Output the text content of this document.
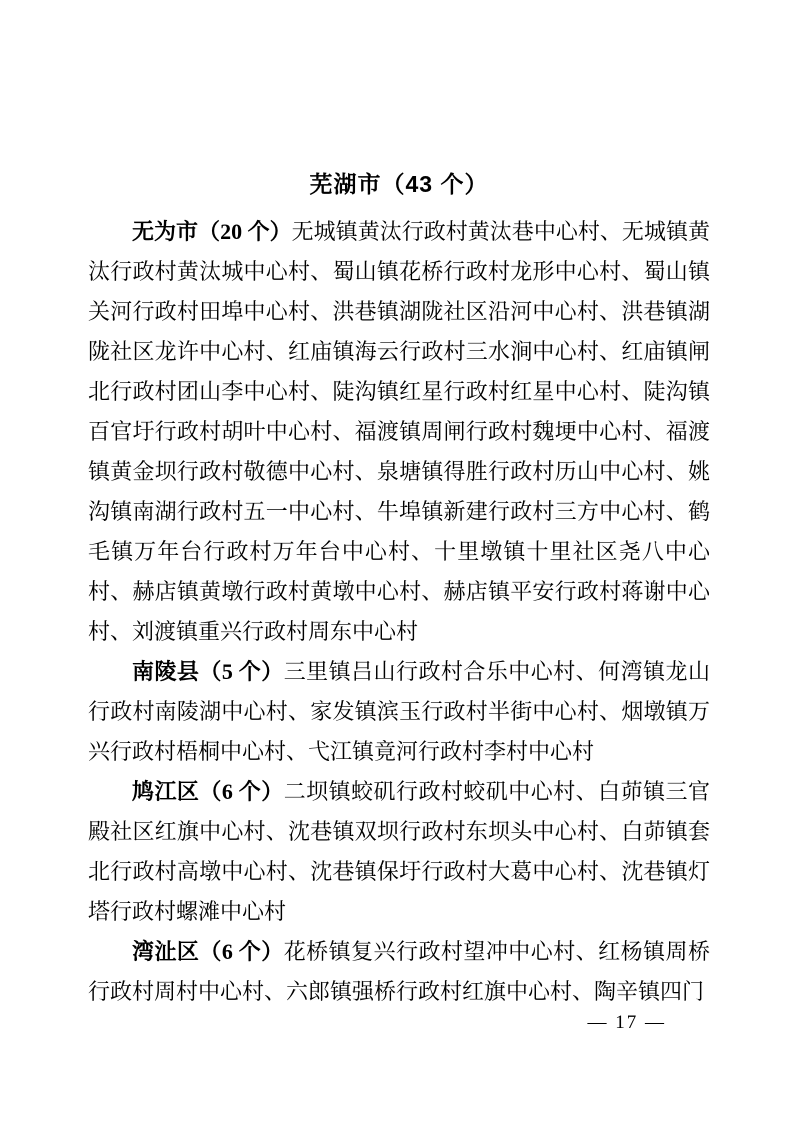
芜湖市（43 个）

无为市（20 个）无城镇黄汰行政村黄汰巷中心村、无城镇黄汰行政村黄汰城中心村、蜀山镇花桥行政村龙形中心村、蜀山镇关河行政村田埠中心村、洪巷镇湖陇社区沿河中心村、洪巷镇湖陇社区龙许中心村、红庙镇海云行政村三水涧中心村、红庙镇闸北行政村团山李中心村、陡沟镇红星行政村红星中心村、陡沟镇百官圩行政村胡叶中心村、福渡镇周闸行政村魏埂中心村、福渡镇黄金坝行政村敬德中心村、泉塘镇得胜行政村历山中心村、姚沟镇南湖行政村五一中心村、牛埠镇新建行政村三方中心村、鹤毛镇万年台行政村万年台中心村、十里墩镇十里社区尧八中心村、赫店镇黄墩行政村黄墩中心村、赫店镇平安行政村蒋谢中心村、刘渡镇重兴行政村周东中心村

南陵县（5 个）三里镇吕山行政村合乐中心村、何湾镇龙山行政村南陵湖中心村、家发镇滨玉行政村半街中心村、烟墩镇万兴行政村梧桐中心村、弋江镇竟河行政村李村中心村

鸠江区（6 个）二坝镇蛟矶行政村蛟矶中心村、白茆镇三官殿社区红旗中心村、沈巷镇双坝行政村东坝头中心村、白茆镇套北行政村高墩中心村、沈巷镇保圩行政村大葛中心村、沈巷镇灯塔行政村螺滩中心村

湾沚区（6 个）花桥镇复兴行政村望冲中心村、红杨镇周桥行政村周村中心村、六郎镇强桥行政村红旗中心村、陶辛镇四门

— 17 —
